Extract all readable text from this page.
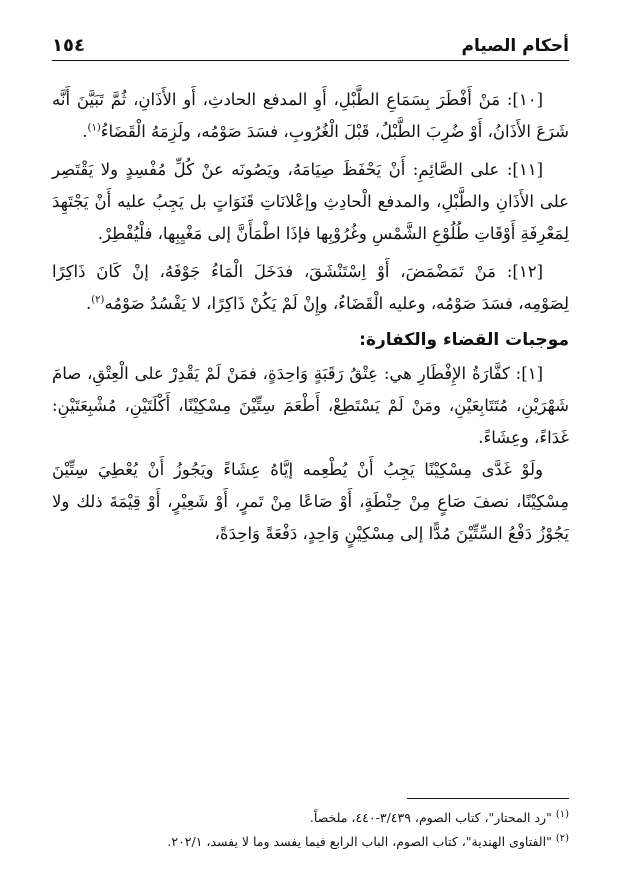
أحكام الصيام
١٥٤

[١٠]: مَنْ أَفْطَرَ بِسَمَاعِ الطَّبْلِ، أَوِ المدفع الحادثِ، أَو الأَذَانِ، ثُمَّ تَبَيَّنَ أَنَّه شَرَعَ الأَذَانُ، أَوْ ضُرِبَ الطَّبْلُ، قَبْلَ الْغُرُوبِ، فسَدَ صَوْمُه، ولَزِمَهُ الْقَضَاءُ$^{(١)}$.

[١١]: على الصَّائِمِ: أَنْ يَحْفَظَ صِيَامَهُ، ويَصُونَه عنْ كُلِّ مُفْسِدٍ ولا يَقْتَصِر على الأَذَانِ والطَّبْلِ، والمدفع الْحادِثِ وإعْلانَاتِ قَنَوَاتٍ بل يَجِبُ عليه أَنْ يَجْتَهِدَ لِمَعْرِفَةِ أَوْقَاتِ طُلُوْعِ الشَّمْسِ وغُرُوْبِها فإذَا اطْمَأَنَّ إلى مَغْيِبِها، فلْيُفْطِرْ.

[١٢]: مَنْ تَمَضْمَضَ، أَوْ اِسْتَنْشَقَ، فدَخَلَ الْمَاءُ جَوْفَهُ، إنْ كَانَ ذَاكِرًا لِصَوْمِه، فسَدَ صَوْمُه، وعليه الْقَضَاءُ، وإِنْ لَمْ يَكُنْ ذَاكِرًا، لا يَفْسُدُ صَوْمُه$^{(٢)}$.

موجبات القضاء والكفارة:

[١]: كفَّارَةُ الإِفْطَارِ هي: عِتْقُ رَقَبَةٍ وَاحِدَةٍ، فمَنْ لَمْ يَقْدِرْ على الْعِتْقِ، صامَ شَهْرَيْنِ، مُتَتَابِعَيْنِ، ومَنْ لَمْ يَسْتَطِعْ، أَطْعَمَ سِتِّيْنَ مِسْكِيْنًا، أَكْلَتَيْنِ، مُشْبِعَتَيْنِ: غَدَاءً، وعِشَاءً.

ولَوْ غَدَّى مِسْكِيْنًا يَجِبُ أَنْ يُطْعِمه إيَّاهُ عِشَاءً ويَجُوزُ أَنْ يُعْطِيَ سِتِّيْنَ مِسْكِيْنًا، نصفَ صَاعٍ مِنْ حِنْطَةٍ، أَوْ صَاعًا مِنْ تَمرٍ، أَوْ شَعِيْرٍ، أَوْ قِيْمَةَ ذلك ولا يَجُوْزُ دَفْعُ السِّتِّيْنَ مُدًّا إلى مِسْكِيْنٍ وَاحِدٍ، دَفْعَةً وَاحِدَةً،

$^{(١)}$ "رد المحتار"، كتاب الصوم، ٣/٤٣٩-٤٤٠، ملخصاً.

$^{(٢)}$ "الفتاوى الهندية"، كتاب الصوم، الباب الرابع فيما يفسد وما لا يفسد، ٢٠٢/١.
